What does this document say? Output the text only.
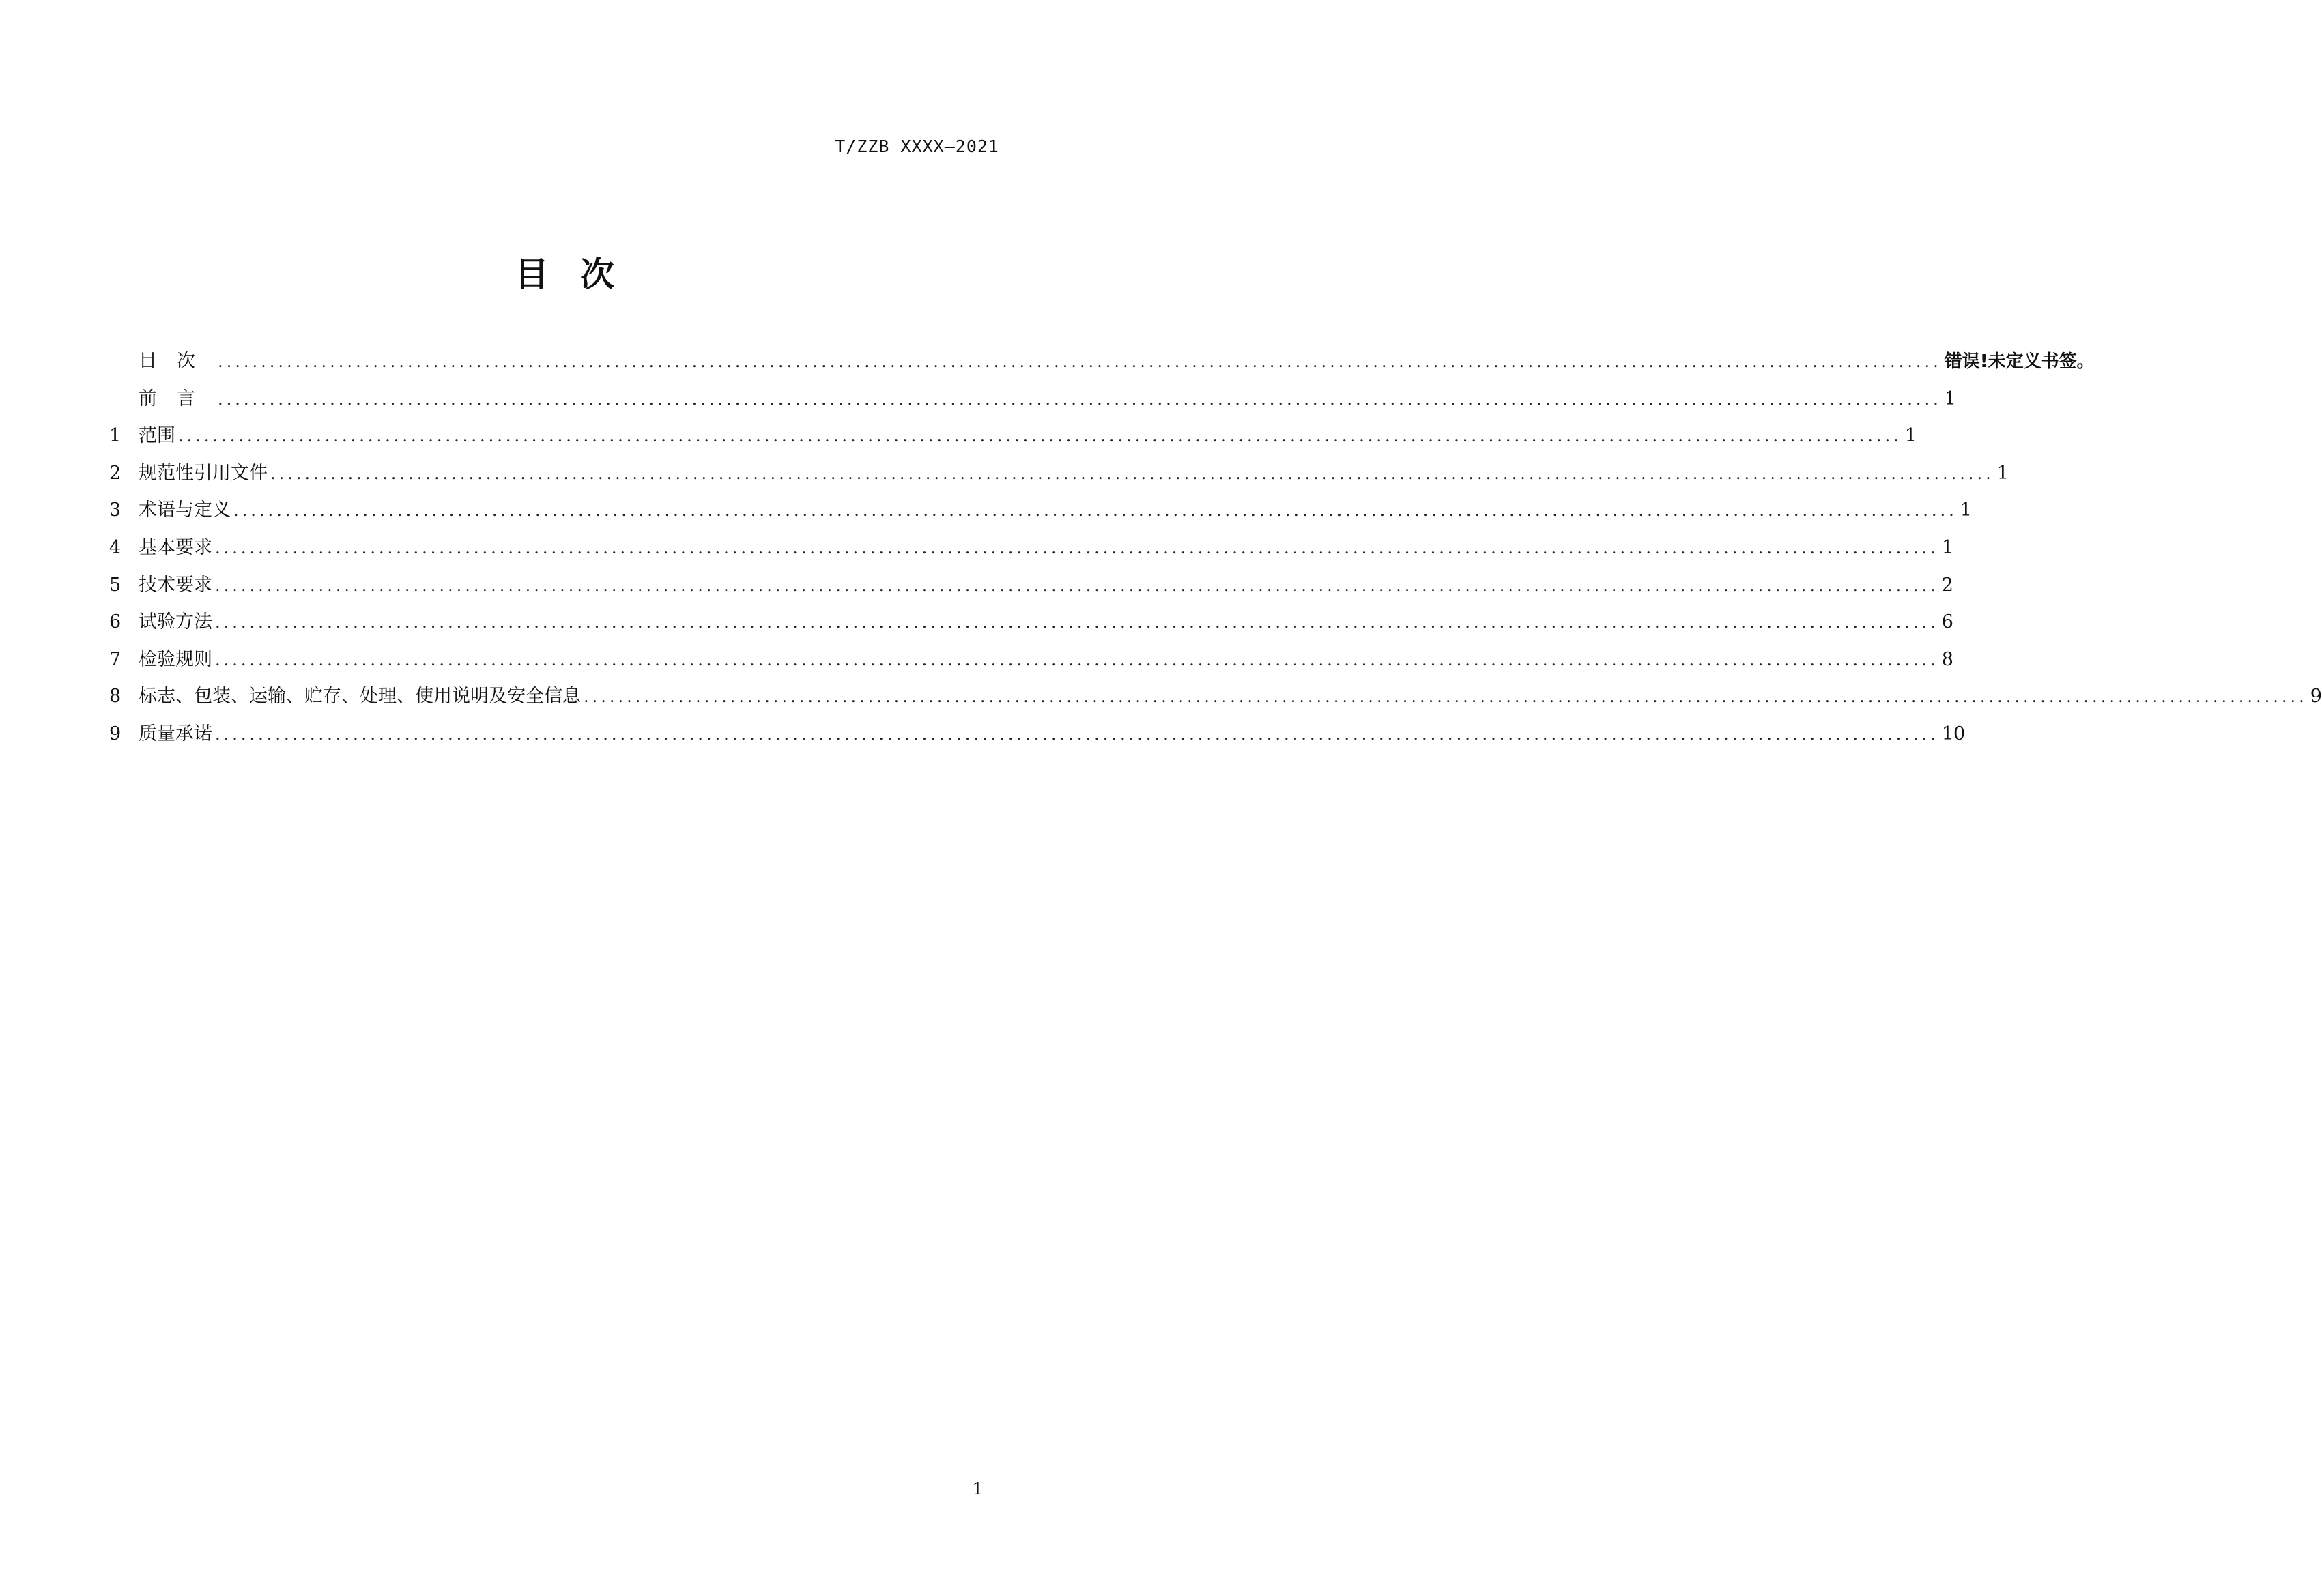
T/ZZB XXXX—2021
目次
目次 ........................................................................................................................................................................................................ 错误!未定义书签。
前言 ........................................................................................................................................................................................................ 1
1 范围 ........................................................................................................................................................................................................ 1
2 规范性引用文件 ........................................................................................................................................................................................................ 1
3 术语与定义 ........................................................................................................................................................................................................ 1
4 基本要求 ........................................................................................................................................................................................................ 1
5 技术要求 ........................................................................................................................................................................................................ 2
6 试验方法 ........................................................................................................................................................................................................ 6
7 检验规则 ........................................................................................................................................................................................................ 8
8 标志、包装、运输、贮存、处理、使用说明及安全信息 ........................................................................................................................................................................................................ 9
9 质量承诺 ........................................................................................................................................................................................................ 10
1
